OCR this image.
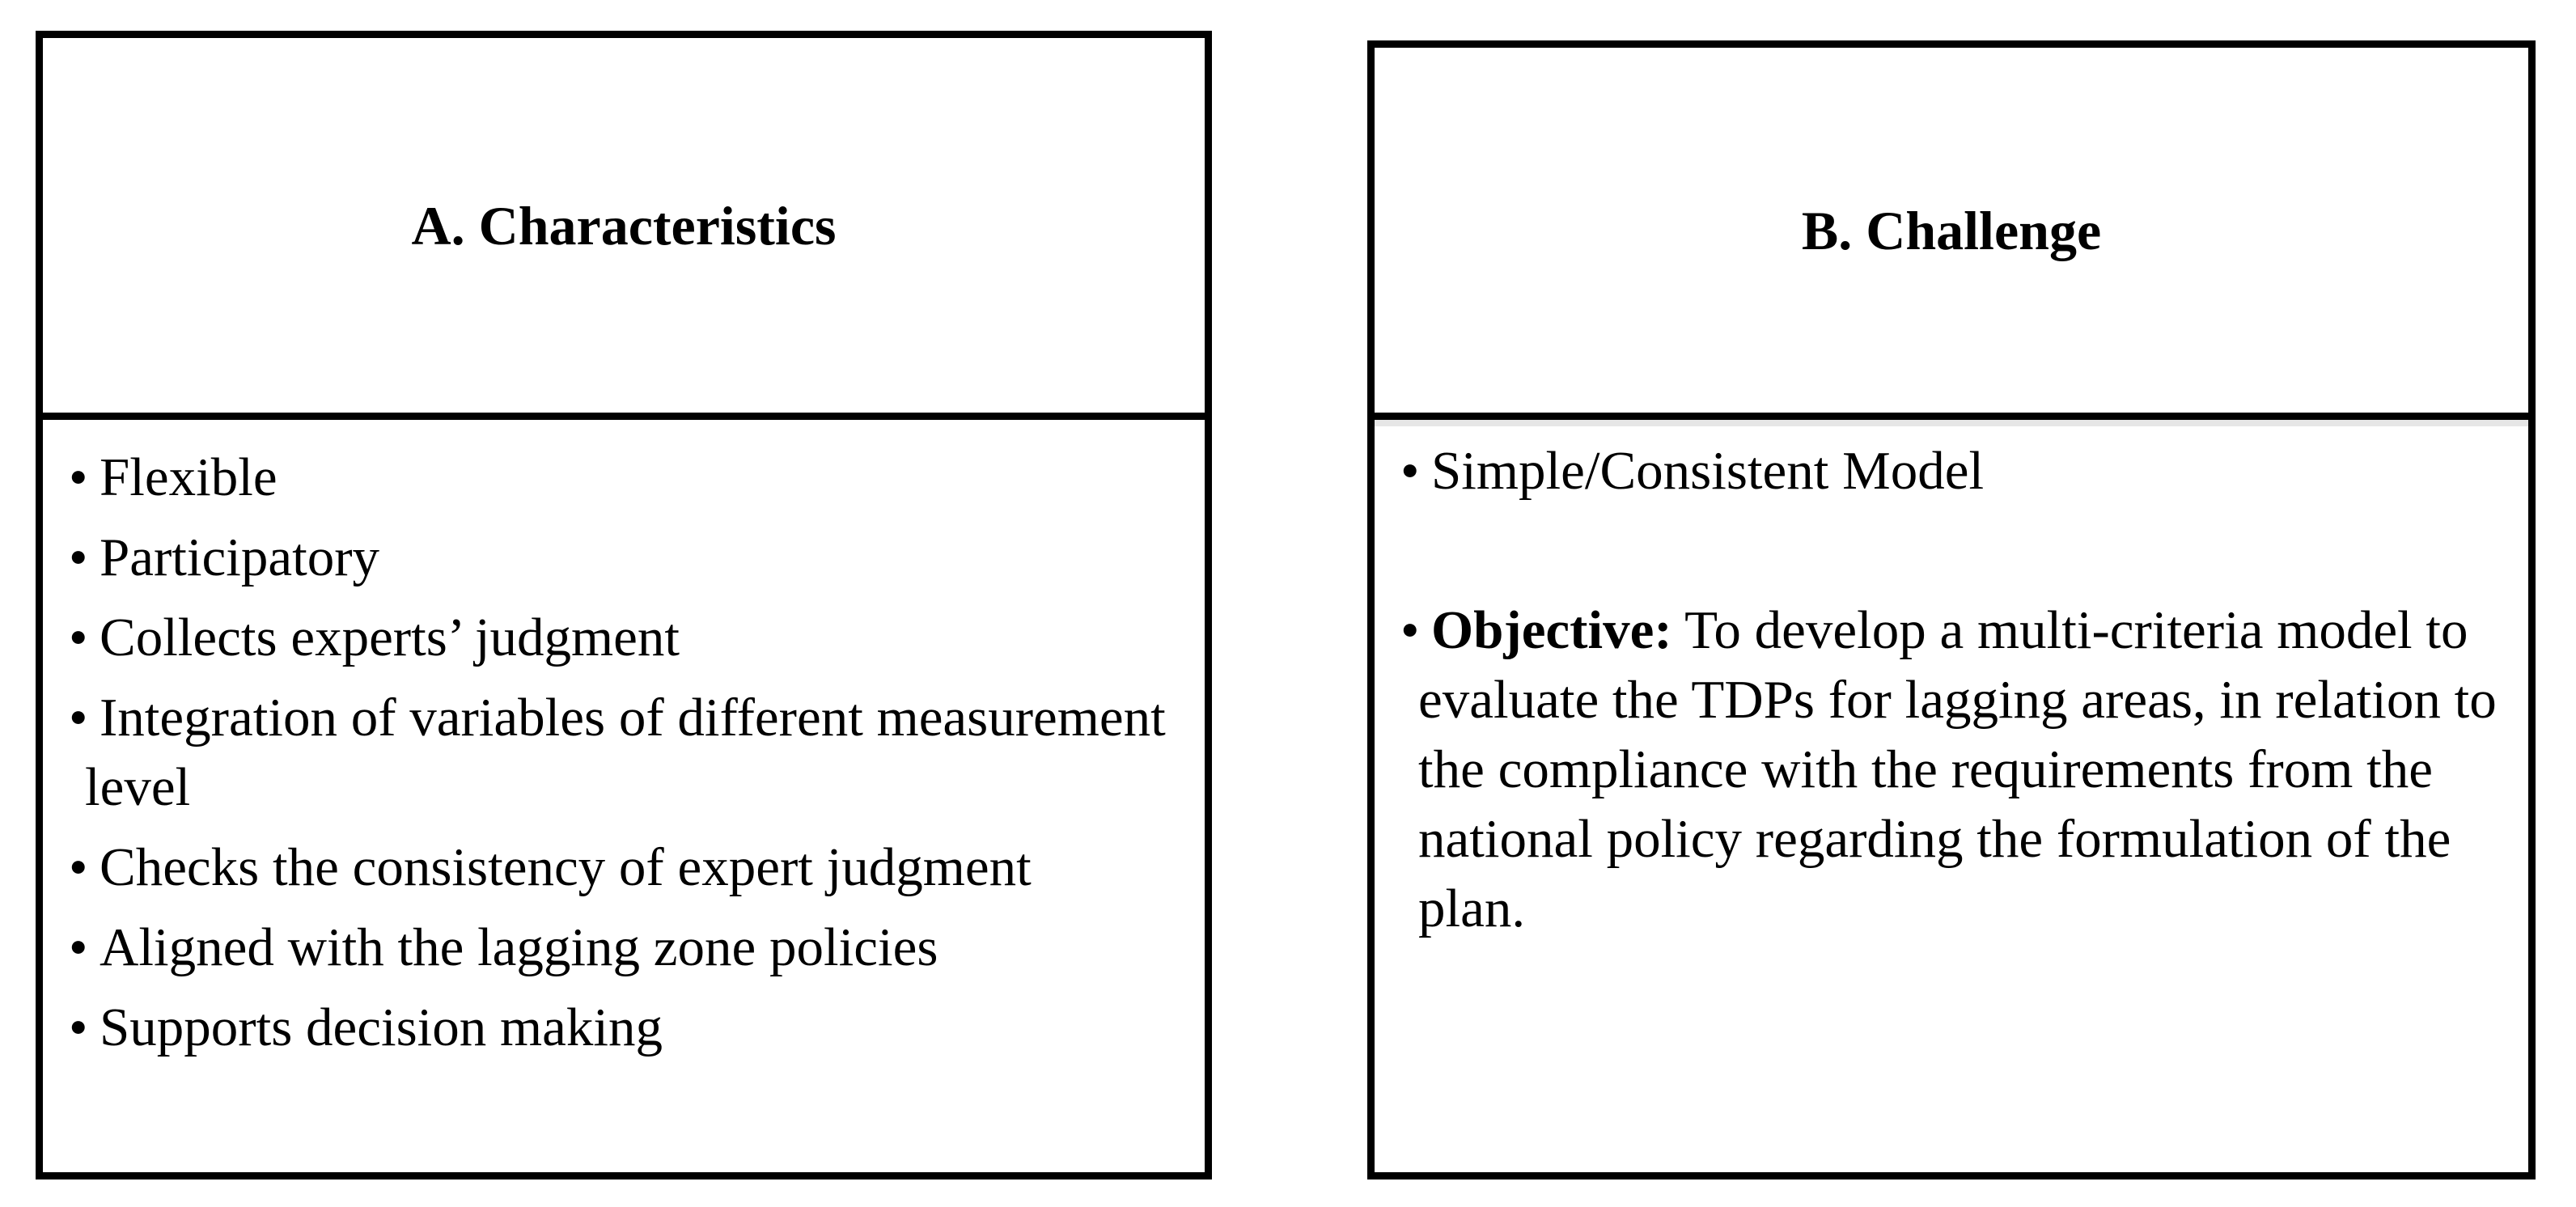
A. Characteristics
• Flexible
• Participatory
• Collects experts’ judgment
• Integration of variables of different measurement level
• Checks the consistency of expert judgment
• Aligned with the lagging zone policies
• Supports decision making
B. Challenge
• Simple/Consistent Model
• Objective: To develop a multi-criteria model to evaluate the TDPs for lagging areas, in relation to the compliance with the requirements from the national policy regarding the formulation of the plan.
